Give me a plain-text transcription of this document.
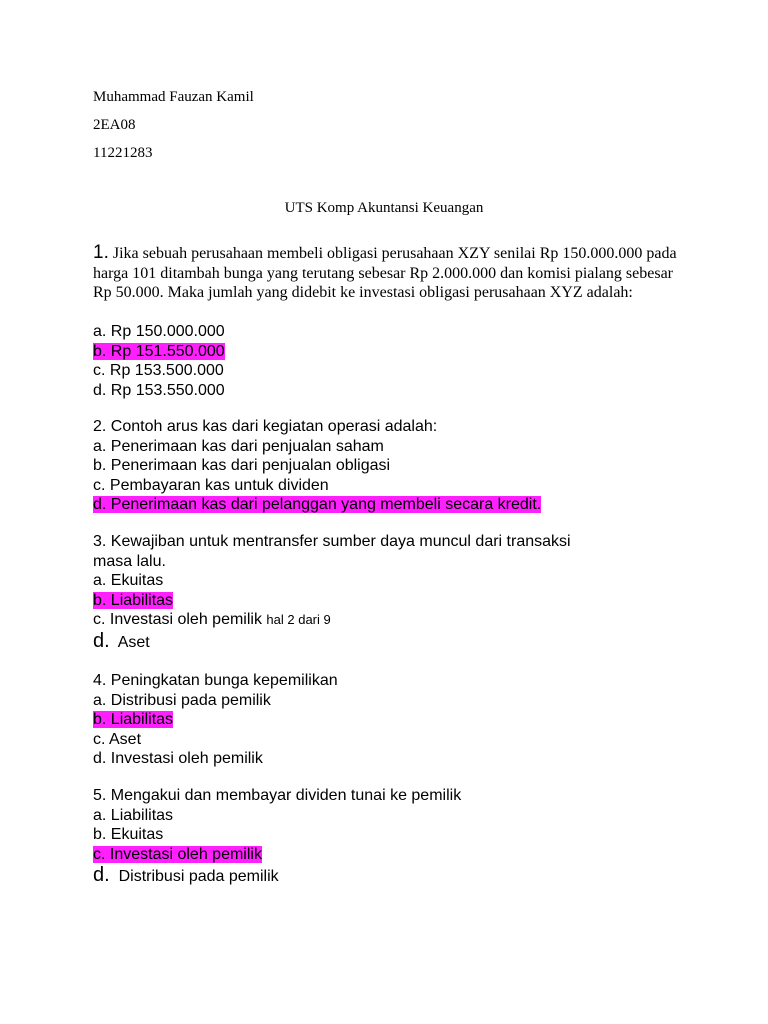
Muhammad Fauzan Kamil
2EA08
11221283
UTS Komp Akuntansi Keuangan
1. Jika sebuah perusahaan membeli obligasi perusahaan XZY senilai Rp 150.000.000 pada harga 101 ditambah bunga yang terutang sebesar Rp 2.000.000 dan komisi pialang sebesar Rp 50.000. Maka jumlah yang didebit ke investasi obligasi perusahaan XYZ adalah:
a. Rp 150.000.000
b. Rp 151.550.000
c. Rp 153.500.000
d. Rp 153.550.000
2. Contoh arus kas dari kegiatan operasi adalah:
a. Penerimaan kas dari penjualan saham
b. Penerimaan kas dari penjualan obligasi
c. Pembayaran kas untuk dividen
d. Penerimaan kas dari pelanggan yang membeli secara kredit.
3. Kewajiban untuk mentransfer sumber daya muncul dari transaksi
masa lalu.
a. Ekuitas
b. Liabilitas
c. Investasi oleh pemilik hal 2 dari 9
d. Aset
4. Peningkatan bunga kepemilikan
a. Distribusi pada pemilik
b. Liabilitas
c. Aset
d. Investasi oleh pemilik
5. Mengakui dan membayar dividen tunai ke pemilik
a. Liabilitas
b. Ekuitas
c. Investasi oleh pemilik
d. Distribusi pada pemilik
